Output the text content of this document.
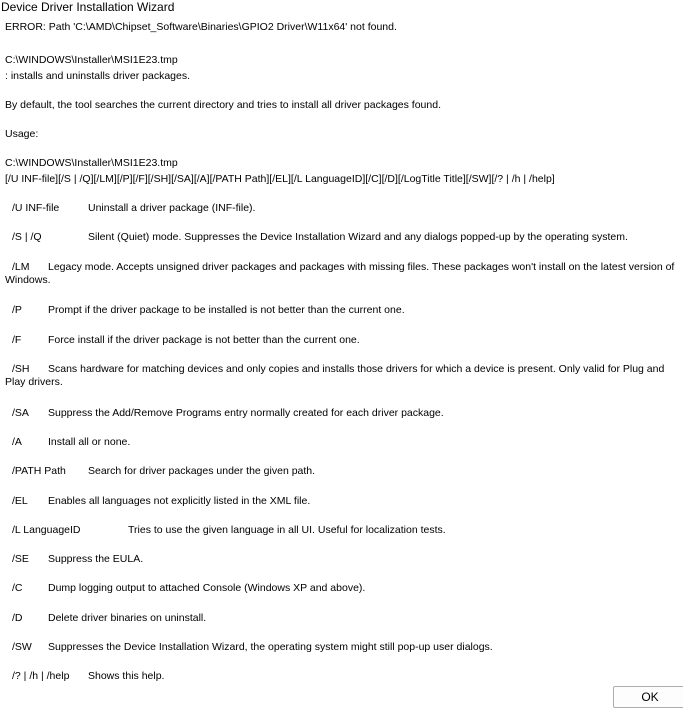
Device Driver Installation Wizard
ERROR: Path 'C:\AMD\Chipset_Software\Binaries\GPIO2 Driver\W11x64' not found.
C:\WINDOWS\Installer\MSI1E23.tmp
: installs and uninstalls driver packages.
By default, the tool searches the current directory and tries to install all driver packages found.
Usage:
C:\WINDOWS\Installer\MSI1E23.tmp
[/U INF-file][/S | /Q][/LM][/P][/F][/SH][/SA][/A][/PATH Path][/EL][/L LanguageID][/C][/D][/LogTitle Title][/SW][/? | /h | /help]
/U INF-file	Uninstall a driver package (INF-file).
/S | /Q	Silent (Quiet) mode. Suppresses the Device Installation Wizard and any dialogs popped-up by the operating system.
/LM Legacy mode. Accepts unsigned driver packages and packages with missing files. These packages won't install on the latest version of Windows.
/P Prompt if the driver package to be installed is not better than the current one.
/F	Force install if the driver package is not better than the current one.
/SH Scans hardware for matching devices and only copies and installs those drivers for which a device is present. Only valid for Plug and Play drivers.
/SA Suppress the Add/Remove Programs entry normally created for each driver package.
/A Install all or none.
/PATH Path Search for driver packages under the given path.
/EL Enables all languages not explicitly listed in the XML file.
/L LanguageID	Tries to use the given language in all UI. Useful for localization tests.
/SE Suppress the EULA.
/C Dump logging output to attached Console (Windows XP and above).
/D Delete driver binaries on uninstall.
/SW Suppresses the Device Installation Wizard, the operating system might still pop-up user dialogs.
/? | /h | /help Shows this help.
OK
